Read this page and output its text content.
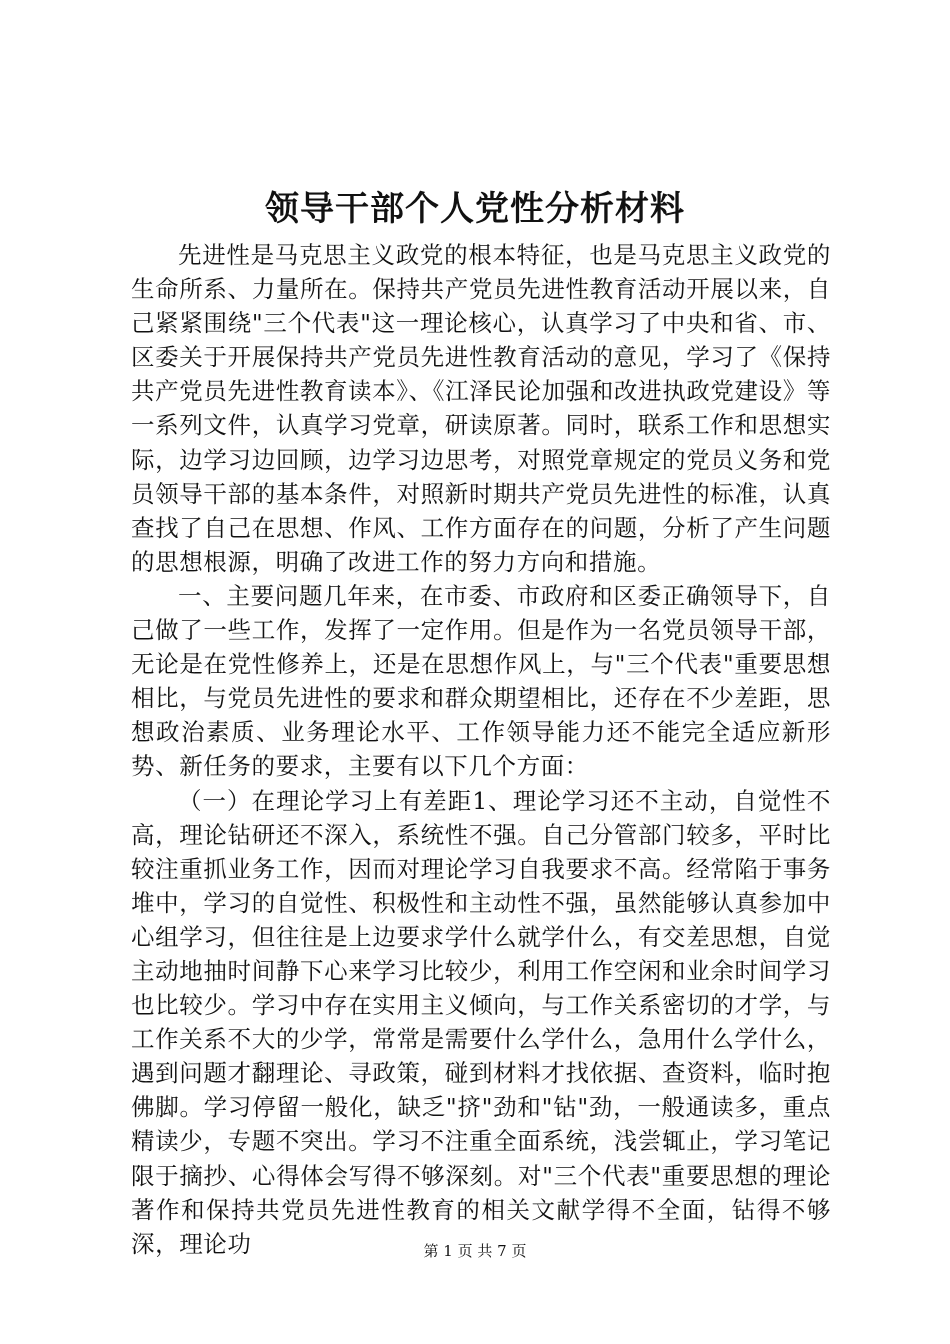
领导干部个人党性分析材料

先进性是马克思主义政党的根本特征，也是马克思主义政党的生命所系、力量所在。保持共产党员先进性教育活动开展以来，自己紧紧围绕"三个代表"这一理论核心，认真学习了中央和省、市、区委关于开展保持共产党员先进性教育活动的意见，学习了《保持共产党员先进性教育读本》、《江泽民论加强和改进执政党建设》等一系列文件，认真学习党章，研读原著。同时，联系工作和思想实际，边学习边回顾，边学习边思考，对照党章规定的党员义务和党员领导干部的基本条件，对照新时期共产党员先进性的标准，认真查找了自己在思想、作风、工作方面存在的问题，分析了产生问题的思想根源，明确了改进工作的努力方向和措施。

一、主要问题几年来，在市委、市政府和区委正确领导下，自己做了一些工作，发挥了一定作用。但是作为一名党员领导干部，无论是在党性修养上，还是在思想作风上，与"三个代表"重要思想相比，与党员先进性的要求和群众期望相比，还存在不少差距，思想政治素质、业务理论水平、工作领导能力还不能完全适应新形势、新任务的要求，主要有以下几个方面：

（一）在理论学习上有差距1、理论学习还不主动，自觉性不高，理论钻研还不深入，系统性不强。自己分管部门较多，平时比较注重抓业务工作，因而对理论学习自我要求不高。经常陷于事务堆中，学习的自觉性、积极性和主动性不强，虽然能够认真参加中心组学习，但往往是上边要求学什么就学什么，有交差思想，自觉主动地抽时间静下心来学习比较少，利用工作空闲和业余时间学习也比较少。学习中存在实用主义倾向，与工作关系密切的才学，与工作关系不大的少学，常常是需要什么学什么，急用什么学什么，遇到问题才翻理论、寻政策，碰到材料才找依据、查资料，临时抱佛脚。学习停留一般化，缺乏"挤"劲和"钻"劲，一般通读多，重点精读少，专题不突出。学习不注重全面系统，浅尝辄止，学习笔记限于摘抄、心得体会写得不够深刻。对"三个代表"重要思想的理论著作和保持共党员先进性教育的相关文献学得不全面，钻得不够深，理论功	第 1 页 共 7 页
